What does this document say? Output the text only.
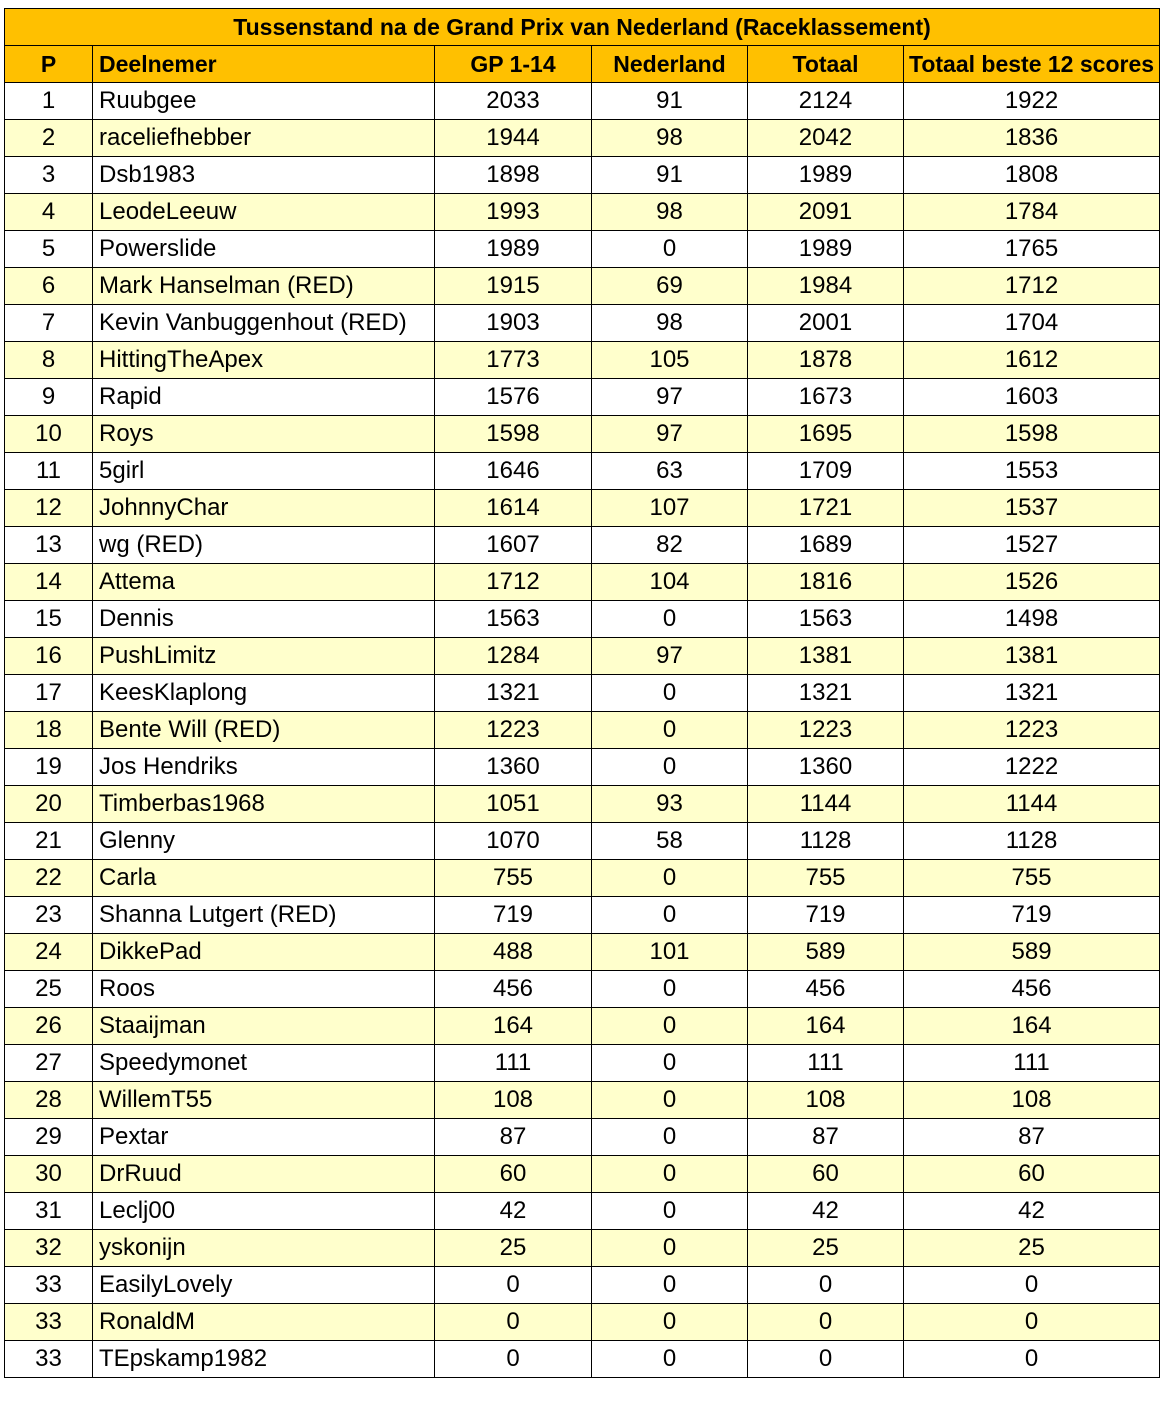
Tussenstand na de Grand Prix van Nederland (Raceklassement)					
P	Deelnemer	GP 1-14	Nederland	Totaal	Totaal beste 12 scores
1	Ruubgee	2033	91	2124	1922
2	raceliefhebber	1944	98	2042	1836
3	Dsb1983	1898	91	1989	1808
4	LeodeLeeuw	1993	98	2091	1784
5	Powerslide	1989	0	1989	1765
6	Mark Hanselman (RED)	1915	69	1984	1712
7	Kevin Vanbuggenhout (RED)	1903	98	2001	1704
8	HittingTheApex	1773	105	1878	1612
9	Rapid	1576	97	1673	1603
10	Roys	1598	97	1695	1598
11	5girl	1646	63	1709	1553
12	JohnnyChar	1614	107	1721	1537
13	wg (RED)	1607	82	1689	1527
14	Attema	1712	104	1816	1526
15	Dennis	1563	0	1563	1498
16	PushLimitz	1284	97	1381	1381
17	KeesKlaplong	1321	0	1321	1321
18	Bente Will (RED)	1223	0	1223	1223
19	Jos Hendriks	1360	0	1360	1222
20	Timberbas1968	1051	93	1144	1144
21	Glenny	1070	58	1128	1128
22	Carla	755	0	755	755
23	Shanna Lutgert (RED)	719	0	719	719
24	DikkePad	488	101	589	589
25	Roos	456	0	456	456
26	Staaijman	164	0	164	164
27	Speedymonet	111	0	111	111
28	WillemT55	108	0	108	108
29	Pextar	87	0	87	87
30	DrRuud	60	0	60	60
31	Leclj00	42	0	42	42
32	yskonijn	25	0	25	25
33	EasilyLovely	0	0	0	0
33	RonaldM	0	0	0	0
33	TEpskamp1982	0	0	0	0
